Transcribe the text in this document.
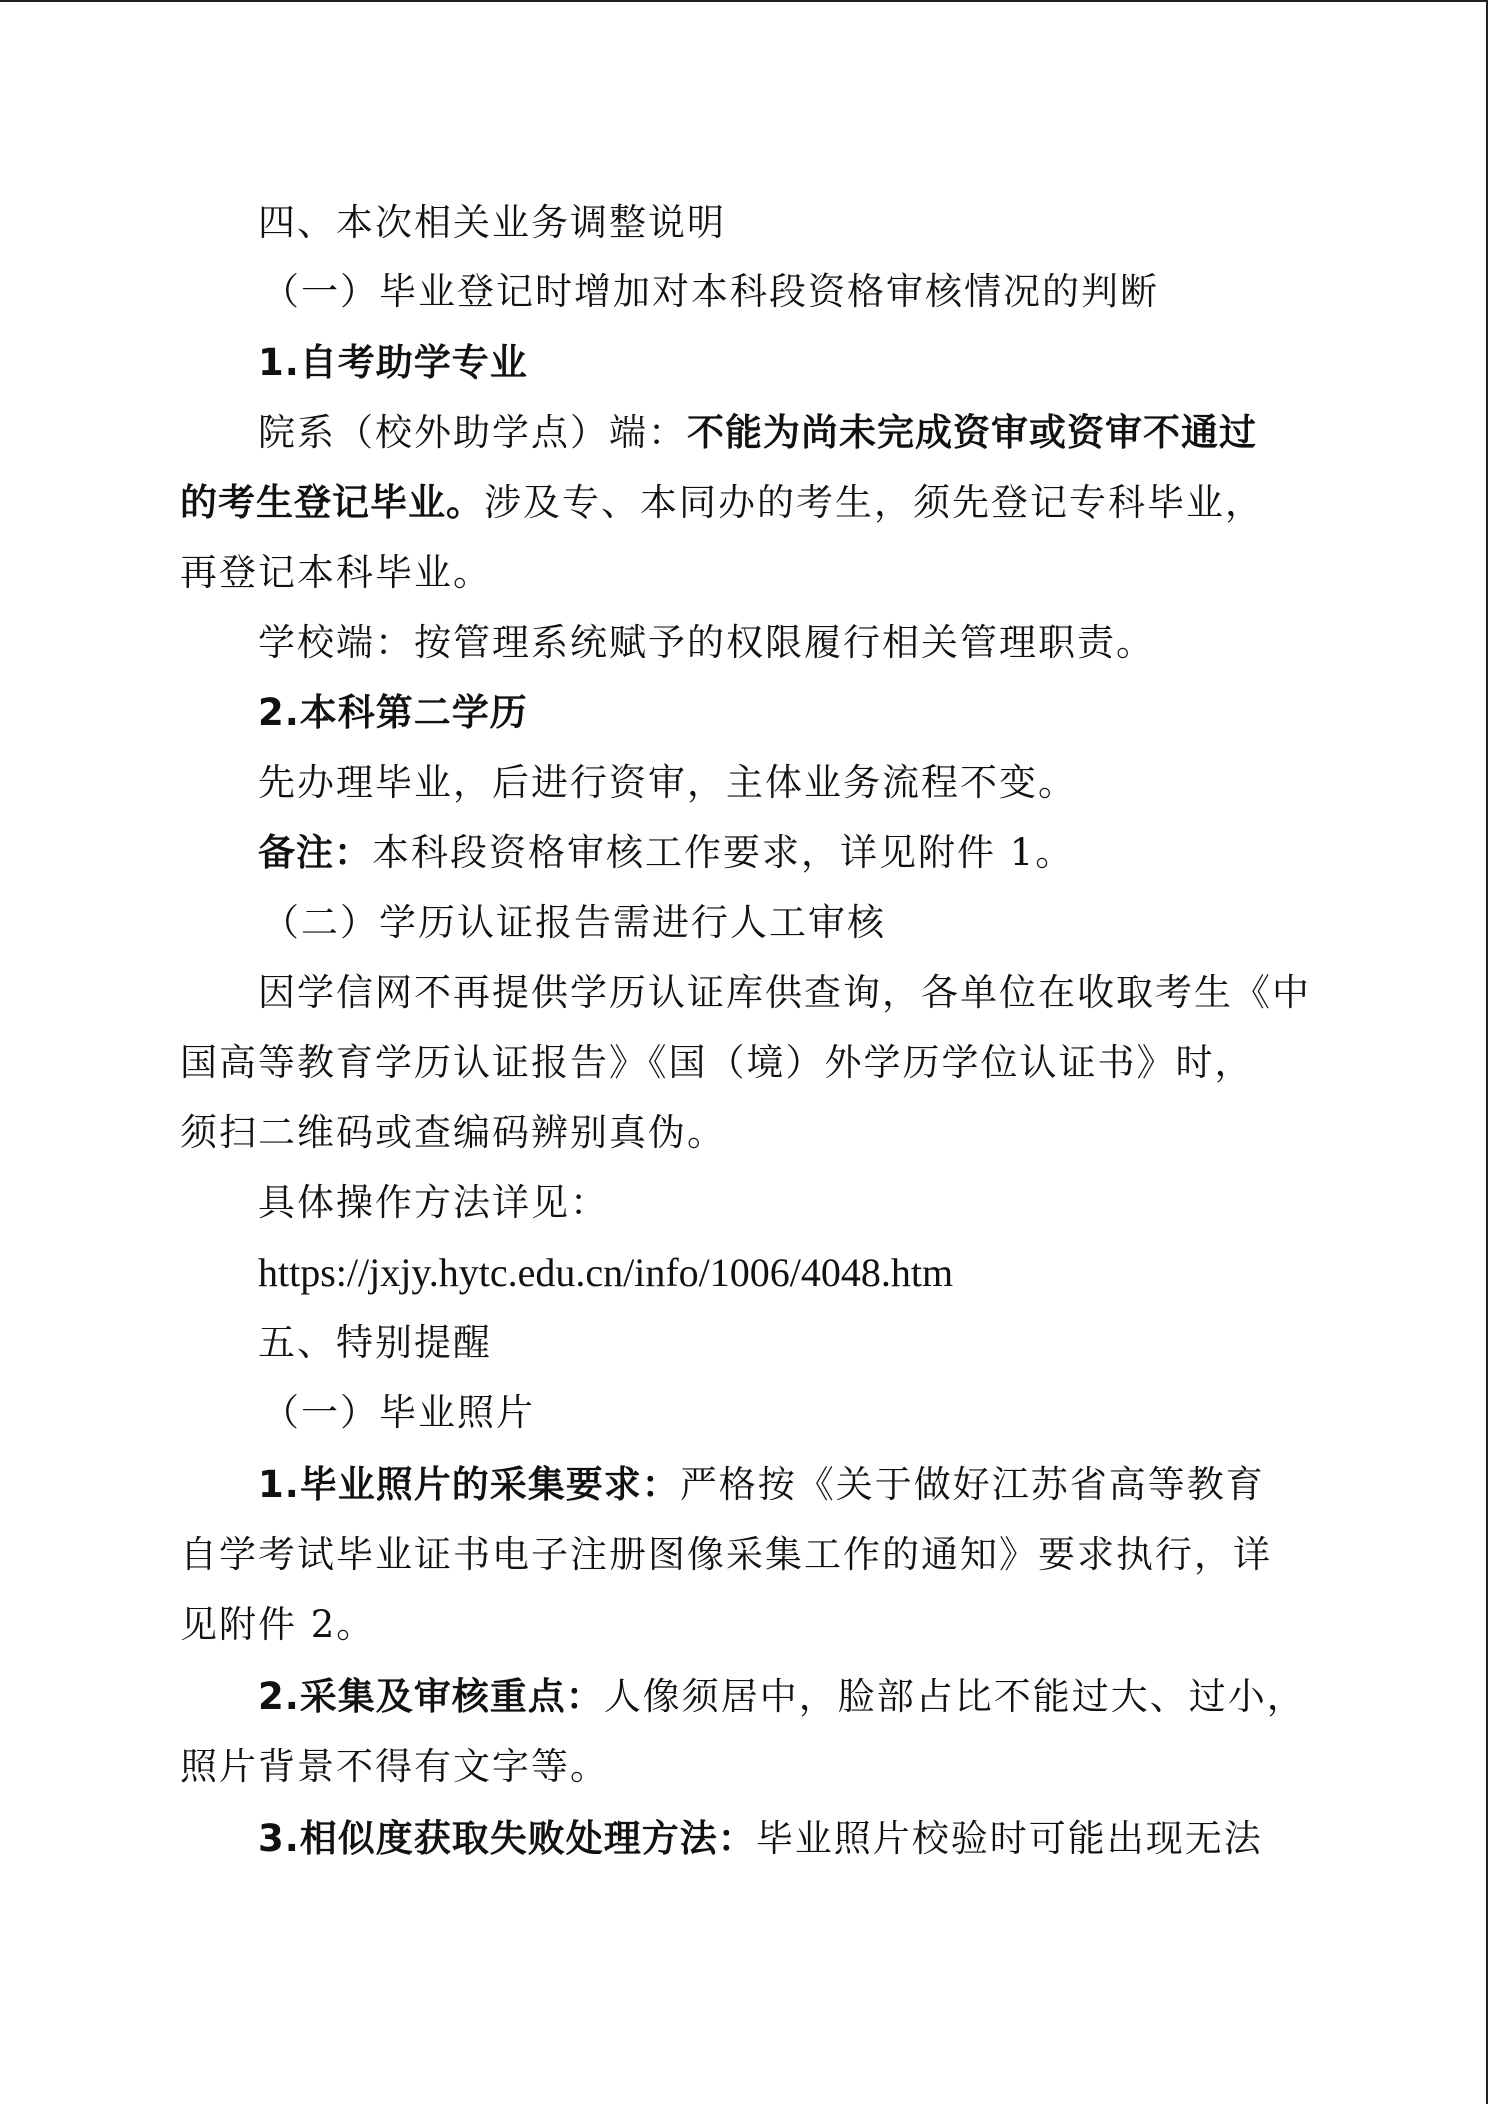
四、本次相关业务调整说明
（一）毕业登记时增加对本科段资格审核情况的判断
1.自考助学专业
院系（校外助学点）端：不能为尚未完成资审或资审不通过
的考生登记毕业。涉及专、本同办的考生，须先登记专科毕业，
再登记本科毕业。
学校端：按管理系统赋予的权限履行相关管理职责。
2.本科第二学历
先办理毕业，后进行资审，主体业务流程不变。
备注：本科段资格审核工作要求，详见附件 1。
（二）学历认证报告需进行人工审核
因学信网不再提供学历认证库供查询，各单位在收取考生《中
国高等教育学历认证报告》《国（境）外学历学位认证书》时，
须扫二维码或查编码辨别真伪。
具体操作方法详见：
https://jxjy.hytc.edu.cn/info/1006/4048.htm
五、特别提醒
（一）毕业照片
1.毕业照片的采集要求：严格按《关于做好江苏省高等教育
自学考试毕业证书电子注册图像采集工作的通知》要求执行，详
见附件 2。
2.采集及审核重点：人像须居中，脸部占比不能过大、过小，
照片背景不得有文字等。
3.相似度获取失败处理方法：毕业照片校验时可能出现无法
